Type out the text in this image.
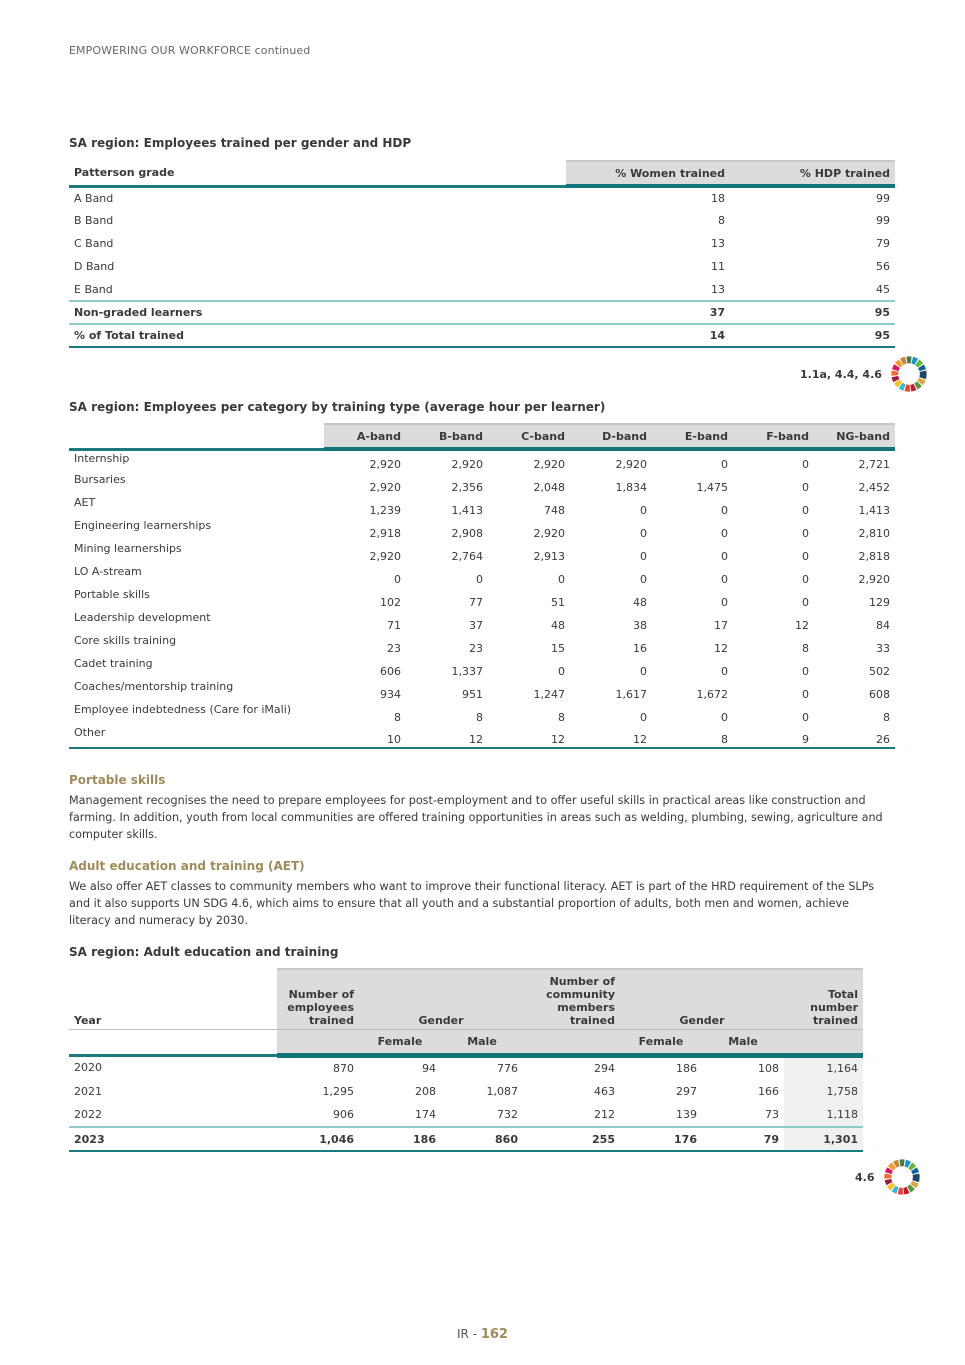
EMPOWERING OUR WORKFORCE continued
SA region: Employees trained per gender and HDP
Patterson grade	% Women trained	% HDP trained
A Band	18	99
B Band	8	99
C Band	13	79
D Band	11	56
E Band	13	45
Non-graded learners	37	95
% of Total trained	14	95
1.1a, 4.4, 4.6
SA region: Employees per category by training type (average hour per learner)
	A-band	B-band	C-band	D-band	E-band	F-band	NG-band
Internship	2,920	2,920	2,920	2,920	0	0	2,721
Bursaries	2,920	2,356	2,048	1,834	1,475	0	2,452
AET	1,239	1,413	748	0	0	0	1,413
Engineering learnerships	2,918	2,908	2,920	0	0	0	2,810
Mining learnerships	2,920	2,764	2,913	0	0	0	2,818
LO A-stream	0	0	0	0	0	0	2,920
Portable skills	102	77	51	48	0	0	129
Leadership development	71	37	48	38	17	12	84
Core skills training	23	23	15	16	12	8	33
Cadet training	606	1,337	0	0	0	0	502
Coaches/mentorship training	934	951	1,247	1,617	1,672	0	608
Employee indebtedness (Care for iMali)	8	8	8	0	0	0	8
Other	10	12	12	12	8	9	26
Portable skills
Management recognises the need to prepare employees for post-employment and to offer useful skills in practical areas like construction and farming. In addition, youth from local communities are offered training opportunities in areas such as welding, plumbing, sewing, agriculture and computer skills.
Adult education and training (AET)
We also offer AET classes to community members who want to improve their functional literacy. AET is part of the HRD requirement of the SLPs and it also supports UN SDG 4.6, which aims to ensure that all youth and a substantial proportion of adults, both men and women, achieve literacy and numeracy by 2030.
SA region: Adult education and training
Year	Number of employees trained	Gender		Number of community members trained	Gender		Total number trained
		Female	Male		Female	Male	
2020	870	94	776	294	186	108	1,164
2021	1,295	208	1,087	463	297	166	1,758
2022	906	174	732	212	139	73	1,118
2023	1,046	186	860	255	176	79	1,301
4.6
IR - 162
